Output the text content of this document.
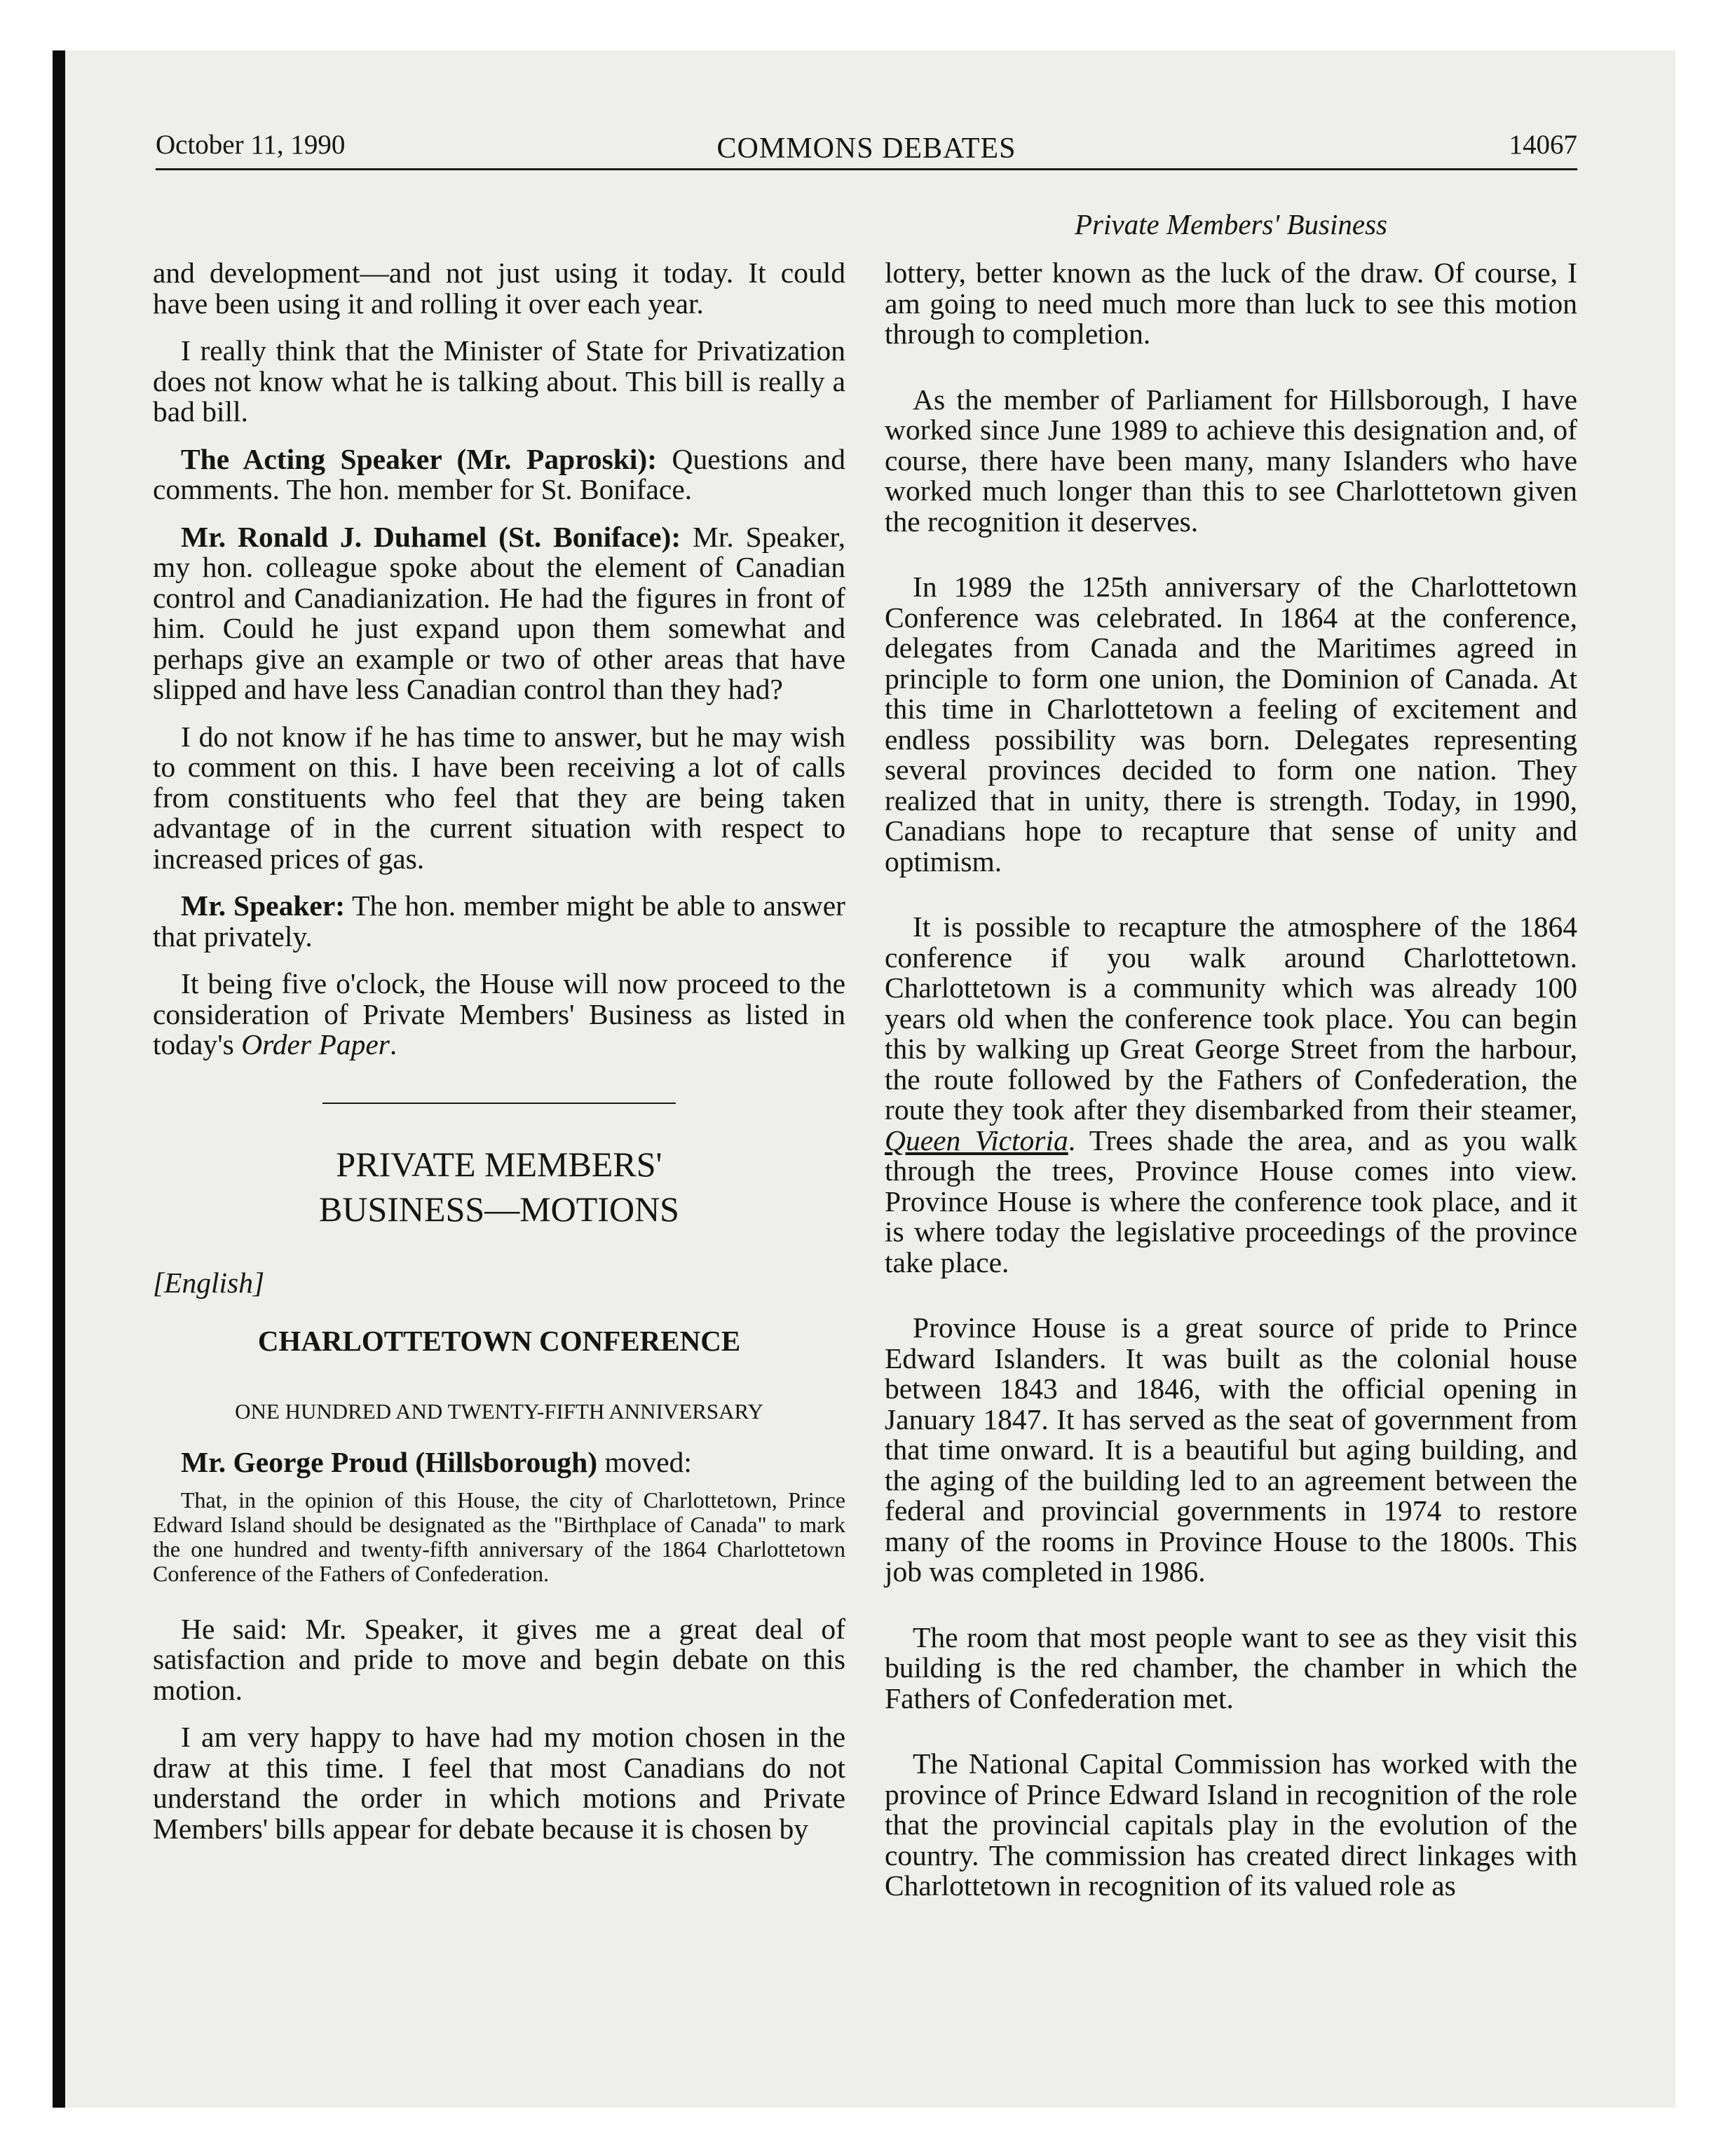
October 11, 1990	COMMONS DEBATES	14067
Private Members' Business

and development—and not just using it today. It could have been using it and rolling it over each year.

I really think that the Minister of State for Privatization does not know what he is talking about. This bill is really a bad bill.

The Acting Speaker (Mr. Paproski): Questions and comments. The hon. member for St. Boniface.

Mr. Ronald J. Duhamel (St. Boniface): Mr. Speaker, my hon. colleague spoke about the element of Canadian control and Canadianization. He had the figures in front of him. Could he just expand upon them somewhat and perhaps give an example or two of other areas that have slipped and have less Canadian control than they had?

I do not know if he has time to answer, but he may wish to comment on this. I have been receiving a lot of calls from constituents who feel that they are being taken advantage of in the current situation with respect to increased prices of gas.

Mr. Speaker: The hon. member might be able to answer that privately.

It being five o'clock, the House will now proceed to the consideration of Private Members' Business as listed in today's Order Paper.

PRIVATE MEMBERS'
BUSINESS—MOTIONS
[English]
CHARLOTTETOWN CONFERENCE
ONE HUNDRED AND TWENTY-FIFTH ANNIVERSARY

Mr. George Proud (Hillsborough) moved:

That, in the opinion of this House, the city of Charlottetown, Prince Edward Island should be designated as the "Birthplace of Canada" to mark the one hundred and twenty-fifth anniversary of the 1864 Charlottetown Conference of the Fathers of Confederation.

He said: Mr. Speaker, it gives me a great deal of satisfaction and pride to move and begin debate on this motion.

I am very happy to have had my motion chosen in the draw at this time. I feel that most Canadians do not understand the order in which motions and Private Members' bills appear for debate because it is chosen by

lottery, better known as the luck of the draw. Of course, I am going to need much more than luck to see this motion through to completion.

As the member of Parliament for Hillsborough, I have worked since June 1989 to achieve this designation and, of course, there have been many, many Islanders who have worked much longer than this to see Charlottetown given the recognition it deserves.

In 1989 the 125th anniversary of the Charlottetown Conference was celebrated. In 1864 at the conference, delegates from Canada and the Maritimes agreed in principle to form one union, the Dominion of Canada. At this time in Charlottetown a feeling of excitement and endless possibility was born. Delegates representing several provinces decided to form one nation. They realized that in unity, there is strength. Today, in 1990, Canadians hope to recapture that sense of unity and optimism.

It is possible to recapture the atmosphere of the 1864 conference if you walk around Charlottetown. Charlottetown is a community which was already 100 years old when the conference took place. You can begin this by walking up Great George Street from the harbour, the route followed by the Fathers of Confederation, the route they took after they disembarked from their steamer, Queen Victoria. Trees shade the area, and as you walk through the trees, Province House comes into view. Province House is where the conference took place, and it is where today the legislative proceedings of the province take place.

Province House is a great source of pride to Prince Edward Islanders. It was built as the colonial house between 1843 and 1846, with the official opening in January 1847. It has served as the seat of government from that time onward. It is a beautiful but aging building, and the aging of the building led to an agreement between the federal and provincial governments in 1974 to restore many of the rooms in Province House to the 1800s. This job was completed in 1986.

The room that most people want to see as they visit this building is the red chamber, the chamber in which the Fathers of Confederation met.

The National Capital Commission has worked with the province of Prince Edward Island in recognition of the role that the provincial capitals play in the evolution of the country. The commission has created direct linkages with Charlottetown in recognition of its valued role as
